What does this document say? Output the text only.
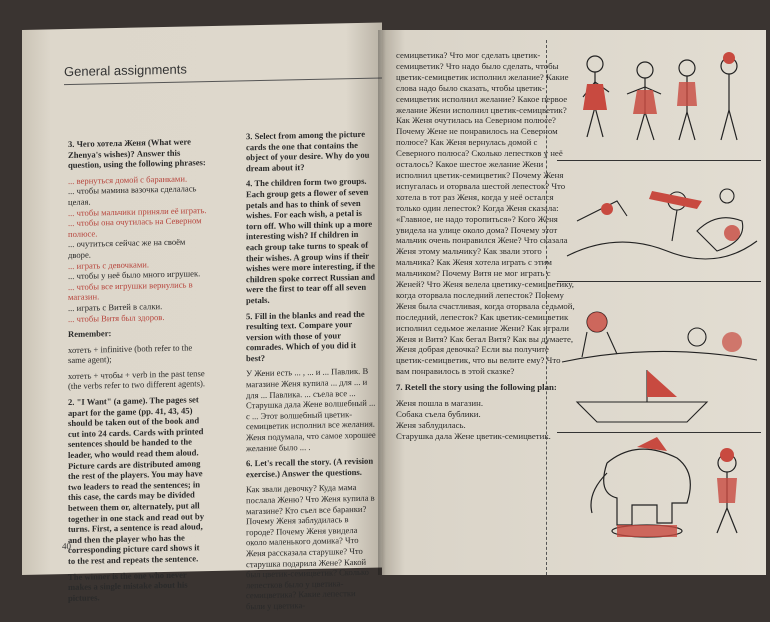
General assignments

3. Чего хотела Женя (What were Zhenya's wishes)? Answer this question, using the following phrases:

... вернуться домой с баранками.
... чтобы мамина вазочка сделалась целая.
... чтобы мальчики приняли её играть.
... чтобы она очутилась на Северном полюсе.
... очутиться сейчас же на своём дворе.
... играть с девочками.
... чтобы у неё было много игрушек.
... чтобы все игрушки вернулись в магазин.
... играть с Витей в салки.
... чтобы Витя был здоров.

Remember:

хотеть + infinitive (both refer to the same agent);

хотеть + чтобы + verb in the past tense (the verbs refer to two different agents).

2. "I Want" (a game). The pages set apart for the game (pp. 41, 43, 45) should be taken out of the book and cut into 24 cards. Cards with printed sentences should be handed to the leader, who would read them aloud. Picture cards are distributed among the rest of the players. You may have two leaders to read the sentences; in this case, the cards may be divided between them or, alternately, put all together in one stack and read out by turns. First, a sentence is read aloud, and then the player who has the corresponding picture card shows it to the rest and repeats the sentence.

The winner is the one who never makes a single mistake about his pictures.

3. Select from among the picture cards the one that contains the object of your desire. Why do you dream about it?

4. The children form two groups. Each group gets a flower of seven petals and has to think of seven wishes. For each wish, a petal is torn off. Who will think up a more interesting wish? If children in each group take turns to speak of their wishes. A group wins if their wishes were more interesting, if the children spoke correct Russian and were the first to tear off all seven petals.

5. Fill in the blanks and read the resulting text. Compare your version with those of your comrades. Which of you did it best?

У Жени есть ... , ... и ... Павлик. В магазине Женя купила ... для ... и для ... Павлика. ... съела все ... Старушка дала Жене волшебный ... с ... Этот волшебный цветик-семицветик исполнил все желания. Женя подумала, что самое хорошее желание было ... .

6. Let's recall the story. (A revision exercise.) Answer the questions.

Как звали девочку? Куда мама послала Женю? Что Женя купила в магазине? Кто съел все баранки? Почему Женя заблудилась в городе? Почему Женя увидела около маленького домика? Что Женя рассказала старушке? Что старушка подарила Жене? Какой был цветик-семицветик? Сколько лепестков было у цветика-семицветика? Какие лепестки были у цветика-

40

семицветика? Что мог сделать цветик-семицветик? Что надо было сделать, чтобы цветик-семицветик исполнил желание? Какие слова надо было сказать, чтобы цветик-семицветик исполнил желание? Какое первое желание Жени исполнил цветик-семицветик? Как Женя очутилась на Северном полюсе? Почему Жене не понравилось на Северном полюсе? Как Женя вернулась домой с Северного полюса? Сколько лепестков у неё осталось? Какое шестое желание Жени исполнил цветик-семицветик? Почему Женя испугалась и оторвала шестой лепесток? Что хотела в тот раз Женя, когда у неё остался только один лепесток? Когда Женя сказала: «Главное, не надо торопиться»? Кого Женя увидела на улице около дома? Почему этот мальчик очень понравился Жене? Что сказала Женя этому мальчику? Как звали этого мальчика? Как Женя хотела играть с этим мальчиком? Почему Витя не мог играть с Женей? Что Женя велела цветику-семицветику, когда оторвала последний лепесток? Почему Женя была счастливая, когда оторвала седьмой, последний, лепесток? Как цветик-семицветик исполнил седьмое желание Жени? Как играли Женя и Витя? Как бегал Витя? Как вы думаете, Женя добрая девочка? Если вы получите цветик-семицветик, что вы велите ему? Что вам понравилось в этой сказке?

7. Retell the story using the following plan:

Женя пошла в магазин.
Собака съела бублики.
Женя заблудилась.
Старушка дала Жене цветик-семицветик.
